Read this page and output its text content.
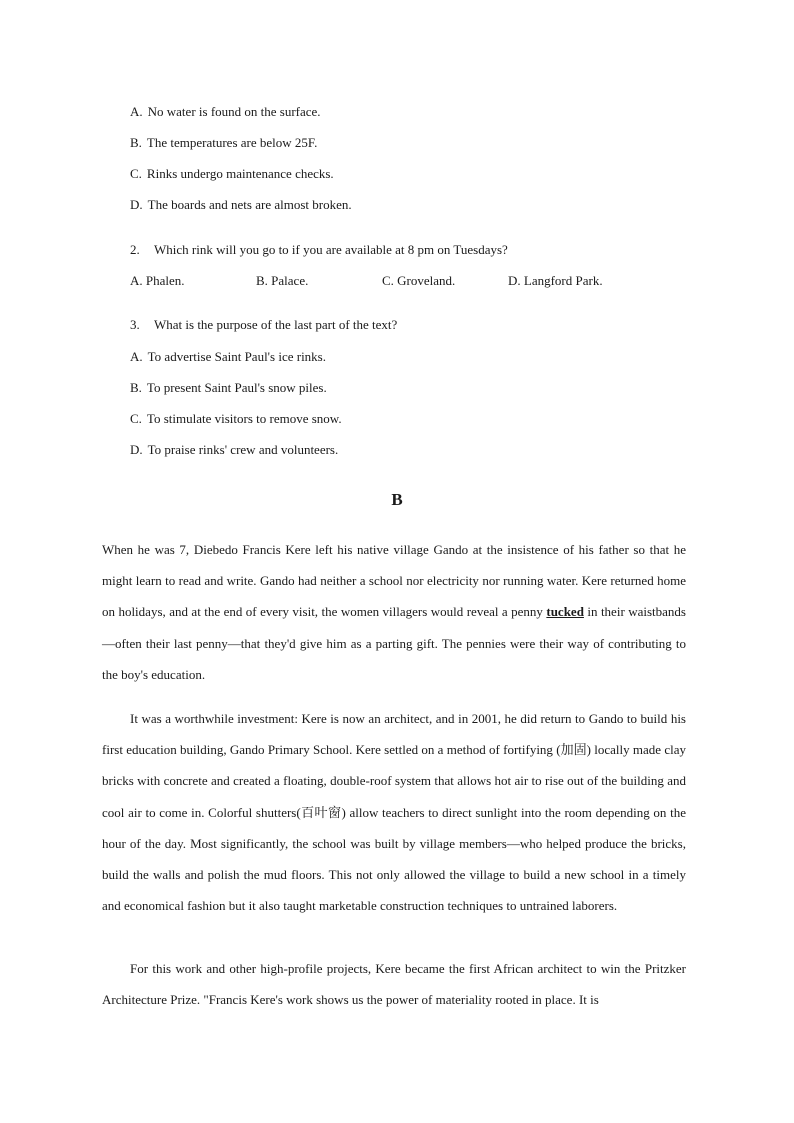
A. No water is found on the surface.
B. The temperatures are below 25F.
C. Rinks undergo maintenance checks.
D. The boards and nets are almost broken.
2. Which rink will you go to if you are available at 8 pm on Tuesdays?
A. Phalen.	B. Palace.	C. Groveland.	D. Langford Park.
3. What is the purpose of the last part of the text?
A. To advertise Saint Paul's ice rinks.
B. To present Saint Paul's snow piles.
C. To stimulate visitors to remove snow.
D. To praise rinks' crew and volunteers.
B
When he was 7, Diebedo Francis Kere left his native village Gando at the insistence of his father so that he might learn to read and write. Gando had neither a school nor electricity nor running water. Kere returned home on holidays, and at the end of every visit, the women villagers would reveal a penny tucked in their waistbands—often their last penny—that they'd give him as a parting gift. The pennies were their way of contributing to the boy's education.
It was a worthwhile investment: Kere is now an architect, and in 2001, he did return to Gando to build his first education building, Gando Primary School. Kere settled on a method of fortifying (加固) locally made clay bricks with concrete and created a floating, double-roof system that allows hot air to rise out of the building and cool air to come in. Colorful shutters(百叶窗) allow teachers to direct sunlight into the room depending on the hour of the day. Most significantly, the school was built by village members—who helped produce the bricks, build the walls and polish the mud floors. This not only allowed the village to build a new school in a timely and economical fashion but it also taught marketable construction techniques to untrained laborers.
For this work and other high-profile projects, Kere became the first African architect to win the Pritzker Architecture Prize. "Francis Kere's work shows us the power of materiality rooted in place. It is
